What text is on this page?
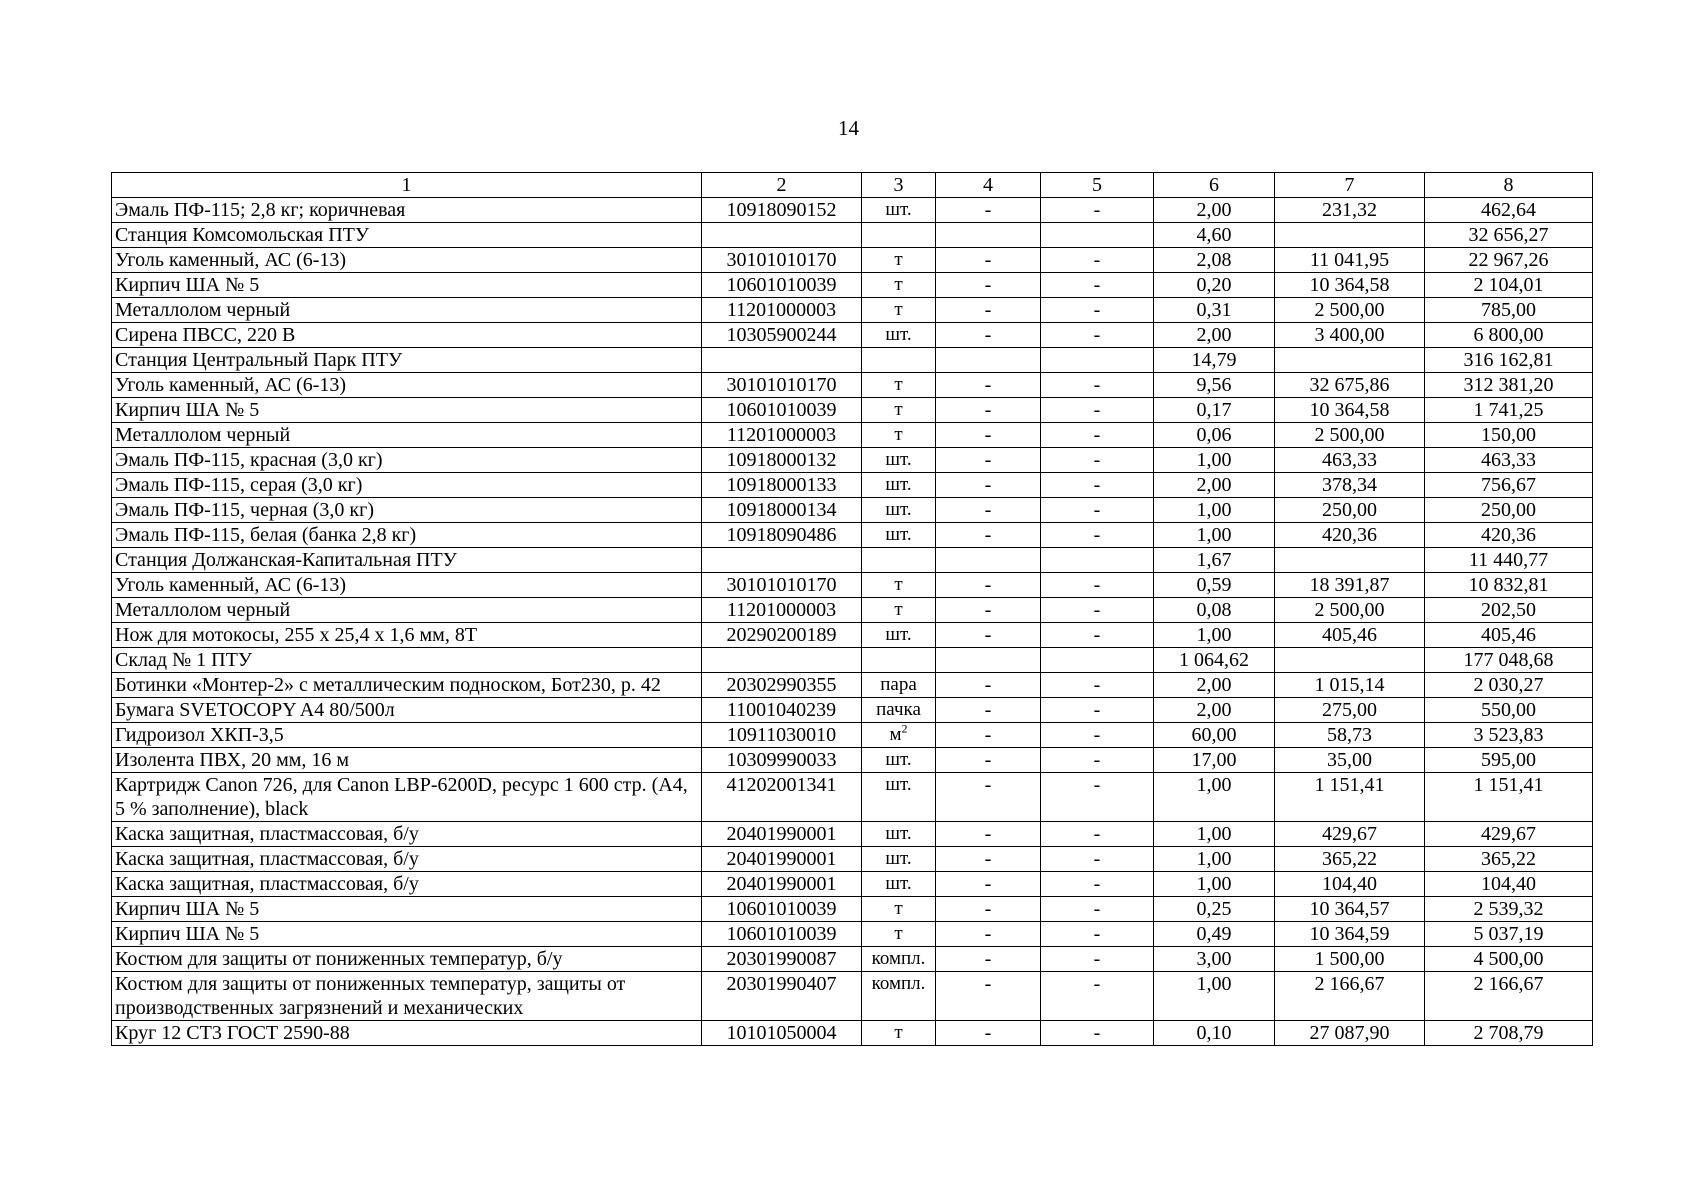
14
1	2	3	4	5	6	7	8
Эмаль ПФ-115; 2,8 кг; коричневая	10918090152	шт.	-	-	2,00	231,32	462,64
Станция Комсомольская ПТУ					4,60		32 656,27
Уголь каменный, АС (6-13)	30101010170	т	-	-	2,08	11 041,95	22 967,26
Кирпич ША № 5	10601010039	т	-	-	0,20	10 364,58	2 104,01
Металлолом черный	11201000003	т	-	-	0,31	2 500,00	785,00
Сирена ПВСС, 220 В	10305900244	шт.	-	-	2,00	3 400,00	6 800,00
Станция Центральный Парк ПТУ					14,79		316 162,81
Уголь каменный, АС (6-13)	30101010170	т	-	-	9,56	32 675,86	312 381,20
Кирпич ША № 5	10601010039	т	-	-	0,17	10 364,58	1 741,25
Металлолом черный	11201000003	т	-	-	0,06	2 500,00	150,00
Эмаль ПФ-115, красная (3,0 кг)	10918000132	шт.	-	-	1,00	463,33	463,33
Эмаль ПФ-115, серая (3,0 кг)	10918000133	шт.	-	-	2,00	378,34	756,67
Эмаль ПФ-115, черная (3,0 кг)	10918000134	шт.	-	-	1,00	250,00	250,00
Эмаль ПФ-115, белая (банка 2,8 кг)	10918090486	шт.	-	-	1,00	420,36	420,36
Станция Должанская-Капитальная ПТУ					1,67		11 440,77
Уголь каменный, АС (6-13)	30101010170	т	-	-	0,59	18 391,87	10 832,81
Металлолом черный	11201000003	т	-	-	0,08	2 500,00	202,50
Нож для мотокосы, 255 х 25,4 х 1,6 мм, 8Т	20290200189	шт.	-	-	1,00	405,46	405,46
Склад № 1 ПТУ					1 064,62		177 048,68
Ботинки «Монтер-2» с металлическим подноском, Бот230, р. 42	20302990355	пара	-	-	2,00	1 015,14	2 030,27
Бумага SVETOCOPY A4 80/500л	11001040239	пачка	-	-	2,00	275,00	550,00
Гидроизол ХКП-3,5	10911030010	$м^2$	-	-	60,00	58,73	3 523,83
Изолента ПВХ, 20 мм, 16 м	10309990033	шт.	-	-	17,00	35,00	595,00
Картридж Canon 726, для Canon LBP-6200D, ресурс 1 600 стр. (А4, 5 % заполнение), black	41202001341	шт.	-	-	1,00	1 151,41	1 151,41
Каска защитная, пластмассовая, б/у	20401990001	шт.	-	-	1,00	429,67	429,67
Каска защитная, пластмассовая, б/у	20401990001	шт.	-	-	1,00	365,22	365,22
Каска защитная, пластмассовая, б/у	20401990001	шт.	-	-	1,00	104,40	104,40
Кирпич ША № 5	10601010039	т	-	-	0,25	10 364,57	2 539,32
Кирпич ША № 5	10601010039	т	-	-	0,49	10 364,59	5 037,19
Костюм для защиты от пониженных температур, б/у	20301990087	компл.	-	-	3,00	1 500,00	4 500,00
Костюм для защиты от пониженных температур, защиты от производственных загрязнений и механических	20301990407	компл.	-	-	1,00	2 166,67	2 166,67
Круг 12 СТ3 ГОСТ 2590-88	10101050004	т	-	-	0,10	27 087,90	2 708,79
